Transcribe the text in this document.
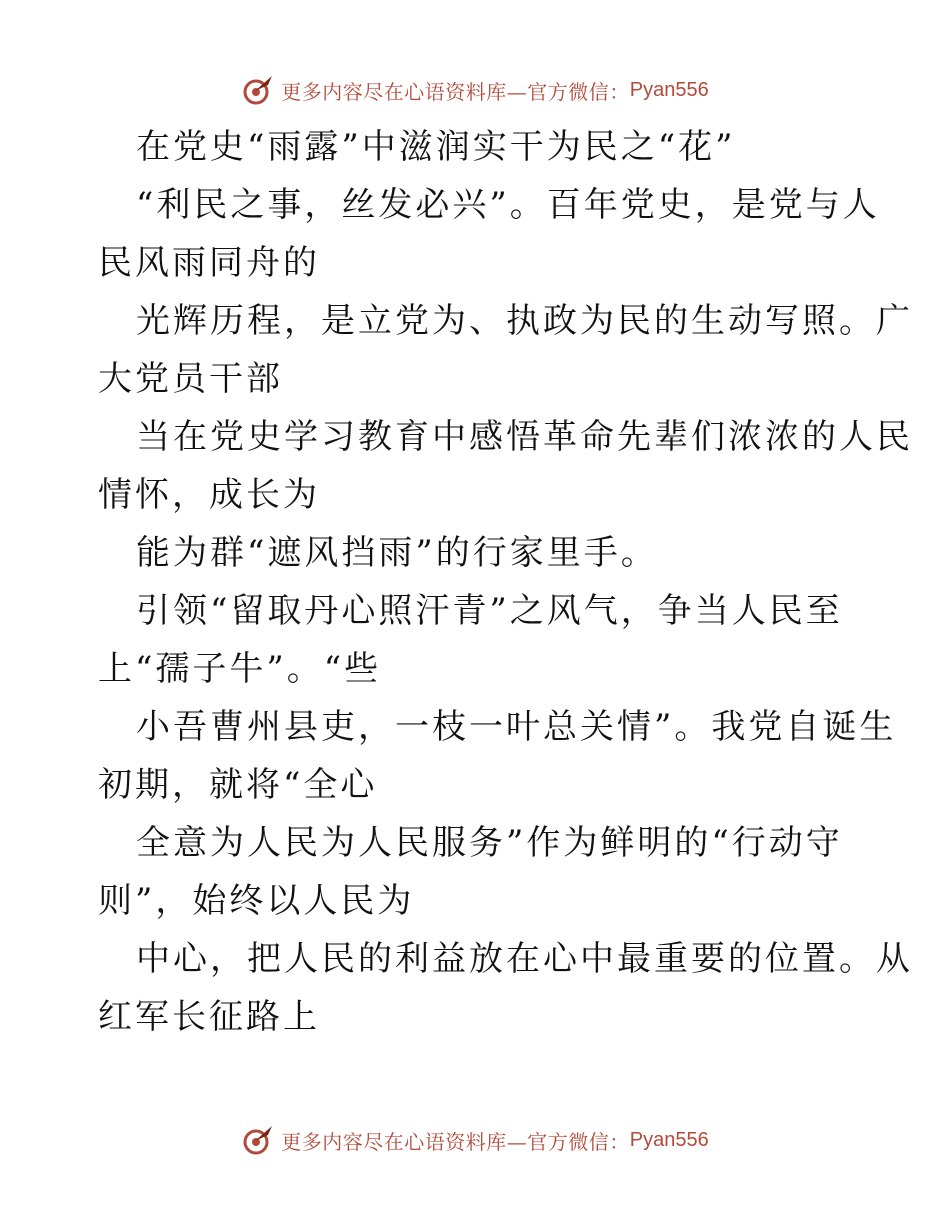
更多内容尽在心语资料库—官方微信： Pyan556
在党史“雨露”中滋润实干为民之“花”
“利民之事，丝发必兴”。百年党史，是党与人
民风雨同舟的
光辉历程，是立党为、执政为民的生动写照。广
大党员干部
当在党史学习教育中感悟革命先辈们浓浓的人民
情怀，成长为
能为群“遮风挡雨”的行家里手。
引领“留取丹心照汗青”之风气，争当人民至
上“孺子牛”。“些
小吾曹州县吏，一枝一叶总关情”。我党自诞生
初期，就将“全心
全意为人民为人民服务”作为鲜明的“行动守
则”，始终以人民为
中心，把人民的利益放在心中最重要的位置。从
红军长征路上
更多内容尽在心语资料库—官方微信： Pyan556
